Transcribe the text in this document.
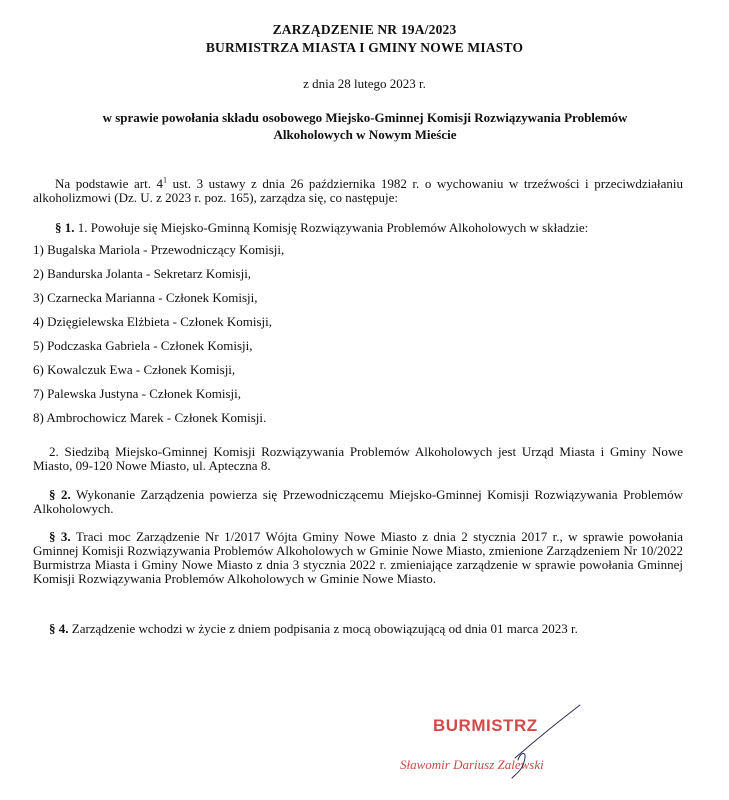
ZARZĄDZENIE NR 19A/2023
BURMISTRZA MIASTA I GMINY NOWE MIASTO
z dnia 28 lutego 2023 r.
w sprawie powołania składu osobowego Miejsko-Gminnej Komisji Rozwiązywania Problemów
Alkoholowych w Nowym Mieście
Na podstawie art. $4^1$ ust. 3 ustawy z dnia 26 października 1982 r. o wychowaniu w trzeźwości i przeciwdziałaniu alkoholizmowi (Dz. U. z 2023 r. poz. 165), zarządza się, co następuje:
§ 1. 1. Powołuje się Miejsko-Gminną Komisję Rozwiązywania Problemów Alkoholowych w składzie:
1) Bugalska Mariola - Przewodniczący Komisji,
2) Bandurska Jolanta - Sekretarz Komisji,
3) Czarnecka Marianna - Członek Komisji,
4) Dzięgielewska Elżbieta - Członek Komisji,
5) Podczaska Gabriela - Członek Komisji,
6) Kowalczuk Ewa - Członek Komisji,
7) Palewska Justyna - Członek Komisji,
8) Ambrochowicz Marek - Członek Komisji.
2. Siedzibą Miejsko-Gminnej Komisji Rozwiązywania Problemów Alkoholowych jest Urząd Miasta i Gminy Nowe Miasto, 09-120 Nowe Miasto, ul. Apteczna 8.
§ 2. Wykonanie Zarządzenia powierza się Przewodniczącemu Miejsko-Gminnej Komisji Rozwiązywania Problemów Alkoholowych.
§ 3. Traci moc Zarządzenie Nr 1/2017 Wójta Gminy Nowe Miasto z dnia 2 stycznia 2017 r., w sprawie powołania Gminnej Komisji Rozwiązywania Problemów Alkoholowych w Gminie Nowe Miasto, zmienione Zarządzeniem Nr 10/2022 Burmistrza Miasta i Gminy Nowe Miasto z dnia 3 stycznia 2022 r. zmieniające zarządzenie w sprawie powołania Gminnej Komisji Rozwiązywania Problemów Alkoholowych w Gminie Nowe Miasto.
§ 4. Zarządzenie wchodzi w życie z dniem podpisania z mocą obowiązującą od dnia 01 marca 2023 r.
BURMISTRZ
Sławomir Dariusz Zalewski
